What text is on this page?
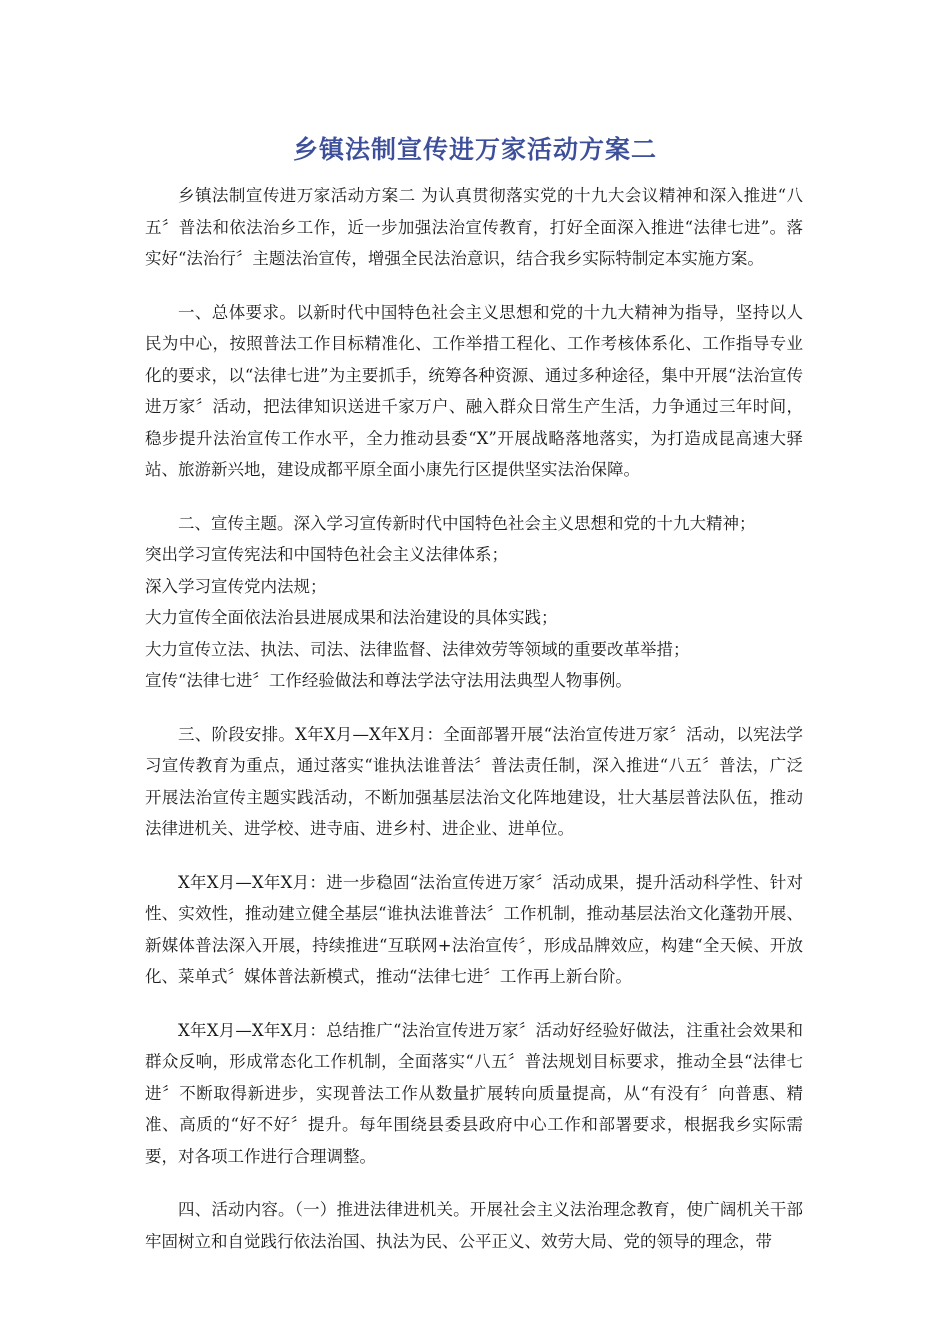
乡镇法制宣传进万家活动方案二

乡镇法制宣传进万家活动方案二 为认真贯彻落实党的十九大会议精神和深入推进“八五〞普法和依法治乡工作，近一步加强法治宣传教育，打好全面深入推进“法律七进”。落实好“法治行〞主题法治宣传，增强全民法治意识，结合我乡实际特制定本实施方案。

一、总体要求。以新时代中国特色社会主义思想和党的十九大精神为指导，坚持以人民为中心，按照普法工作目标精准化、工作举措工程化、工作考核体系化、工作指导专业化的要求，以“法律七进”为主要抓手，统筹各种资源、通过多种途径，集中开展“法治宣传进万家〞活动，把法律知识送进千家万户、融入群众日常生产生活，力争通过三年时间，稳步提升法治宣传工作水平，全力推动县委“X”开展战略落地落实，为打造成昆高速大驿站、旅游新兴地，建设成都平原全面小康先行区提供坚实法治保障。

二、宣传主题。深入学习宣传新时代中国特色社会主义思想和党的十九大精神；

突出学习宣传宪法和中国特色社会主义法律体系；

深入学习宣传党内法规；

大力宣传全面依法治县进展成果和法治建设的具体实践；

大力宣传立法、执法、司法、法律监督、法律效劳等领域的重要改革举措；

宣传“法律七进〞工作经验做法和尊法学法守法用法典型人物事例。

三、阶段安排。X年X月—X年X月：全面部署开展“法治宣传进万家〞活动，以宪法学习宣传教育为重点，通过落实“谁执法谁普法〞普法责任制，深入推进“八五〞普法，广泛开展法治宣传主题实践活动，不断加强基层法治文化阵地建设，壮大基层普法队伍，推动法律进机关、进学校、进寺庙、进乡村、进企业、进单位。

X年X月—X年X月：进一步稳固“法治宣传进万家〞活动成果，提升活动科学性、针对性、实效性，推动建立健全基层“谁执法谁普法〞工作机制，推动基层法治文化蓬勃开展、新媒体普法深入开展，持续推进“互联网+法治宣传〞，形成品牌效应，构建“全天候、开放化、菜单式〞媒体普法新模式，推动“法律七进〞工作再上新台阶。

X年X月—X年X月：总结推广“法治宣传进万家〞活动好经验好做法，注重社会效果和群众反响，形成常态化工作机制，全面落实“八五〞普法规划目标要求，推动全县“法律七进〞不断取得新进步，实现普法工作从数量扩展转向质量提高，从“有没有〞向普惠、精准、高质的“好不好〞提升。每年围绕县委县政府中心工作和部署要求，根据我乡实际需要，对各项工作进行合理调整。

四、活动内容。（一）推进法律进机关。开展社会主义法治理念教育，使广阔机关干部牢固树立和自觉践行依法治国、执法为民、公平正义、效劳大局、党的领导的理念，带
